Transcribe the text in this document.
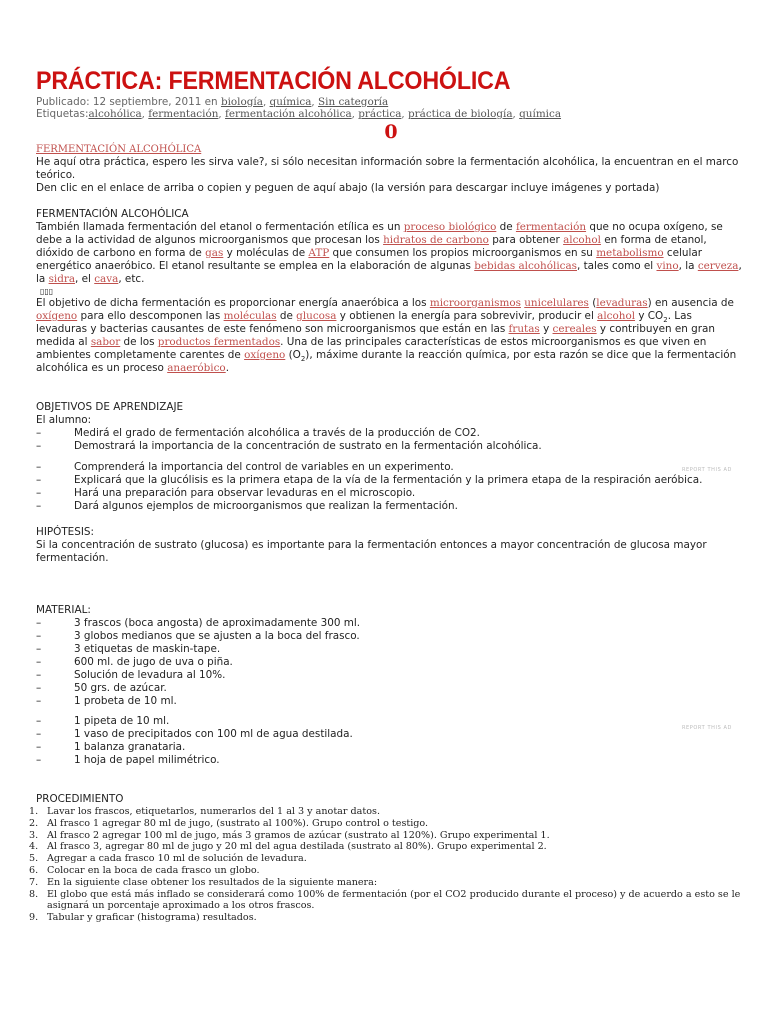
PRÁCTICA: FERMENTACIÓN ALCOHÓLICA
Publicado: 12 septiembre, 2011 en biología, química, Sin categoría
Etiquetas:alcohólica, fermentación, fermentación alcohólica, práctica, práctica de biología, química
0
FERMENTACIÓN ALCOHÓLICA

He aquí otra práctica, espero les sirva vale?, si sólo necesitan información sobre la fermentación alcohólica, la encuentran en el marco teórico.

Den clic en el enlace de arriba o copien y peguen de aquí abajo (la versión para descargar incluye imágenes y portada)

FERMENTACIÓN ALCOHÓLICA

También llamada fermentación del etanol o fermentación etílica es un proceso biológico de fermentación que no ocupa oxígeno, se debe a la actividad de algunos microorganismos que procesan los hidratos de carbono para obtener alcohol en forma de etanol, dióxido de carbono en forma de gas y moléculas de ATP que consumen los propios microorganismos en su metabolismo celular energético anaeróbico. El etanol resultante se emplea en la elaboración de algunas bebidas alcohólicas, tales como el vino, la cerveza, la sidra, el cava, etc.

▯▯▯

El objetivo de dicha fermentación es proporcionar energía anaeróbica a los microorganismos unicelulares (levaduras) en ausencia de oxígeno para ello descomponen las moléculas de glucosa y obtienen la energía para sobrevivir, producir el alcohol y $CO_2$. Las levaduras y bacterias causantes de este fenómeno son microorganismos que están en las frutas y cereales y contribuyen en gran medida al sabor de los productos fermentados. Una de las principales características de estos microorganismos es que viven en ambientes completamente carentes de oxígeno $(O_2)$, máxime durante la reacción química, por esta razón se dice que la fermentación alcohólica es un proceso anaeróbico.

OBJETIVOS DE APRENDIZAJE

El alumno:

–	Medirá el grado de fermentación alcohólica a través de la producción de CO2.
–	Demostrará la importancia de la concentración de sustrato en la fermentación alcohólica.
–	Comprenderá la importancia del control de variables en un experimento.
–	Explicará que la glucólisis es la primera etapa de la vía de la fermentación y la primera etapa de la respiración aeróbica.
–	Hará una preparación para observar levaduras en el microscopio.
–	Dará algunos ejemplos de microorganismos que realizan la fermentación.

HIPÓTESIS:

Si la concentración de sustrato (glucosa) es importante para la fermentación entonces a mayor concentración de glucosa mayor fermentación.

MATERIAL:

–	3 frascos (boca angosta) de aproximadamente 300 ml.
–	3 globos medianos que se ajusten a la boca del frasco.
–	3 etiquetas de maskin-tape.
–	600 ml. de jugo de uva o piña.
–	Solución de levadura al 10%.
–	50 grs. de azúcar.
–	1 probeta de 10 ml.
–	1 pipeta de 10 ml.
–	1 vaso de precipitados con 100 ml de agua destilada.
–	1 balanza granataria.
–	1 hoja de papel milimétrico.

PROCEDIMIENTO

1. Lavar los frascos, etiquetarlos, numerarlos del 1 al 3 y anotar datos.
2. Al frasco 1 agregar 80 ml de jugo, (sustrato al 100%). Grupo control o testigo.
3. Al frasco 2 agregar 100 ml de jugo, más 3 gramos de azúcar (sustrato al 120%). Grupo experimental 1.
4. Al frasco 3, agregar 80 ml de jugo y 20 ml del agua destilada (sustrato al 80%). Grupo experimental 2.
5. Agregar a cada frasco 10 ml de solución de levadura.
6. Colocar en la boca de cada frasco un globo.
7. En la siguiente clase obtener los resultados de la siguiente manera:
8. El globo que está más inflado se considerará como 100% de fermentación (por el CO2 producido durante el proceso) y de acuerdo a esto se le asignará un porcentaje aproximado a los otros frascos.
9. Tabular y graficar (histograma) resultados.
REPORT THIS AD
REPORT THIS AD
